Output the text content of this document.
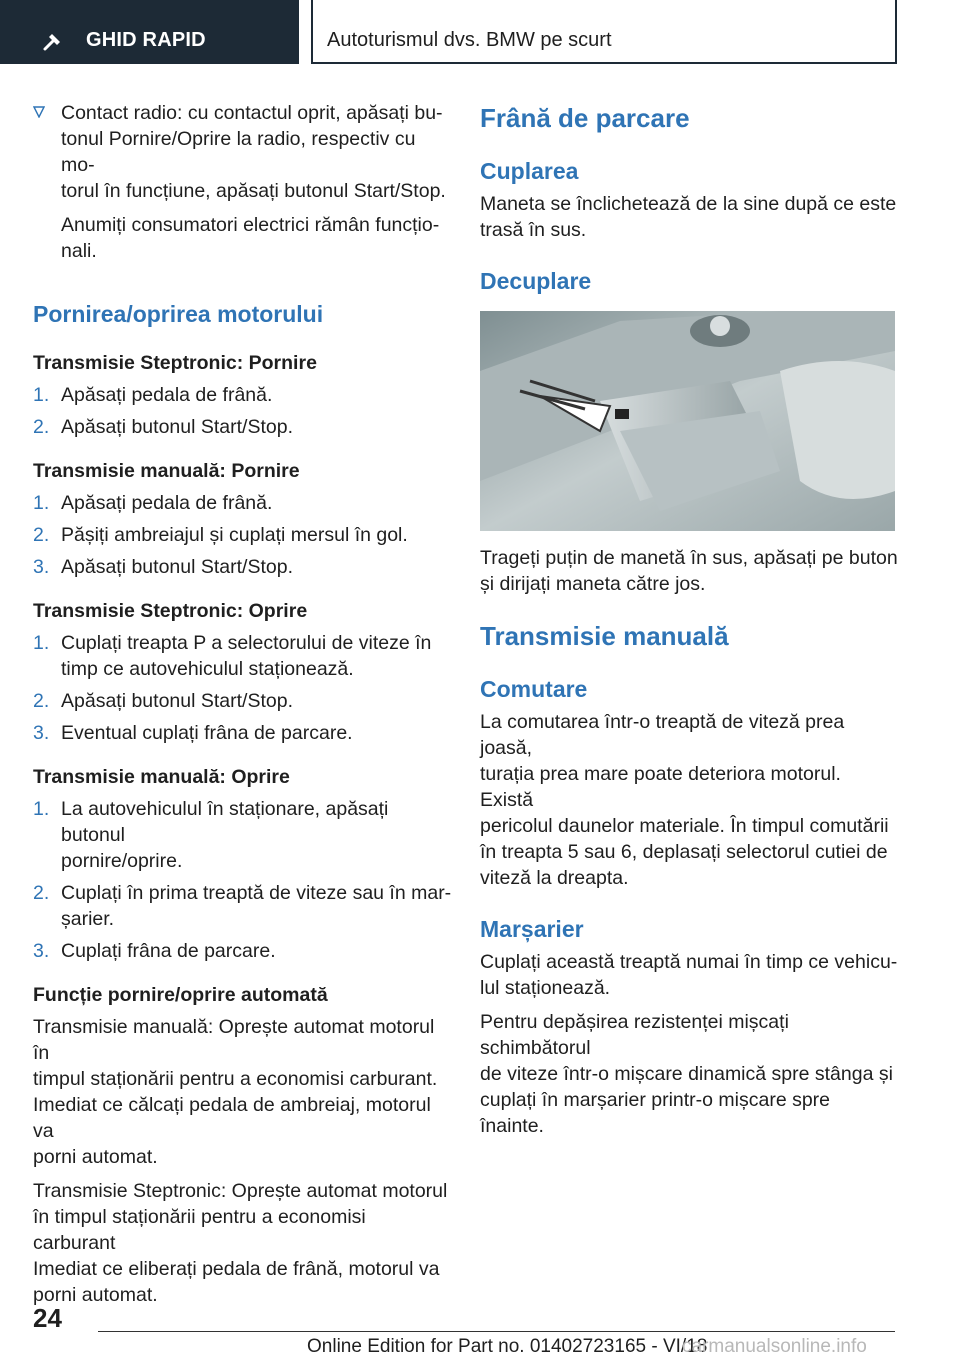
GHID RAPID	Autoturismul dvs. BMW pe scurt
Contact radio: cu contactul oprit, apăsați bu-
tonul Pornire/Oprire la radio, respectiv cu mo-
torul în funcțiune, apăsați butonul Start/Stop.
Anumiți consumatori electrici rămân funcțio-
nali.
Pornirea/oprirea motorului
Transmisie Steptronic: Pornire
1. Apăsați pedala de frână.
2. Apăsați butonul Start/Stop.
Transmisie manuală: Pornire
1. Apăsați pedala de frână.
2. Pășiți ambreiajul și cuplați mersul în gol.
3. Apăsați butonul Start/Stop.
Transmisie Steptronic: Oprire
1. Cuplați treapta P a selectorului de viteze în
timp ce autovehiculul staționează.
2. Apăsați butonul Start/Stop.
3. Eventual cuplați frâna de parcare.
Transmisie manuală: Oprire
1. La autovehiculul în staționare, apăsați butonul
pornire/oprire.
2. Cuplați în prima treaptă de viteze sau în mar-
șarier.
3. Cuplați frâna de parcare.
Funcție pornire/oprire automată
Transmisie manuală: Oprește automat motorul în
timpul staționării pentru a economisi carburant.
Imediat ce călcați pedala de ambreiaj, motorul va
porni automat.
Transmisie Steptronic: Oprește automat motorul
în timpul staționării pentru a economisi carburant
Imediat ce eliberați pedala de frână, motorul va
porni automat.
Frână de parcare
Cuplarea
Maneta se înclichetează de la sine după ce este
trasă în sus.
Decuplare
Trageți puțin de manetă în sus, apăsați pe buton
și dirijați maneta către jos.
Transmisie manuală
Comutare
La comutarea într-o treaptă de viteză prea joasă,
turația prea mare poate deteriora motorul. Există
pericolul daunelor materiale. În timpul comutării
în treapta 5 sau 6, deplasați selectorul cutiei de
viteză la dreapta.
Marșarier
Cuplați această treaptă numai în timp ce vehicu-
lul staționează.
Pentru depășirea rezistenței mișcați schimbătorul
de viteze într-o mișcare dinamică spre stânga și
cuplați în marșarier printr-o mișcare spre înainte.
24
Online Edition for Part no. 01402723165 - VI/18
carmanualsonline.info
